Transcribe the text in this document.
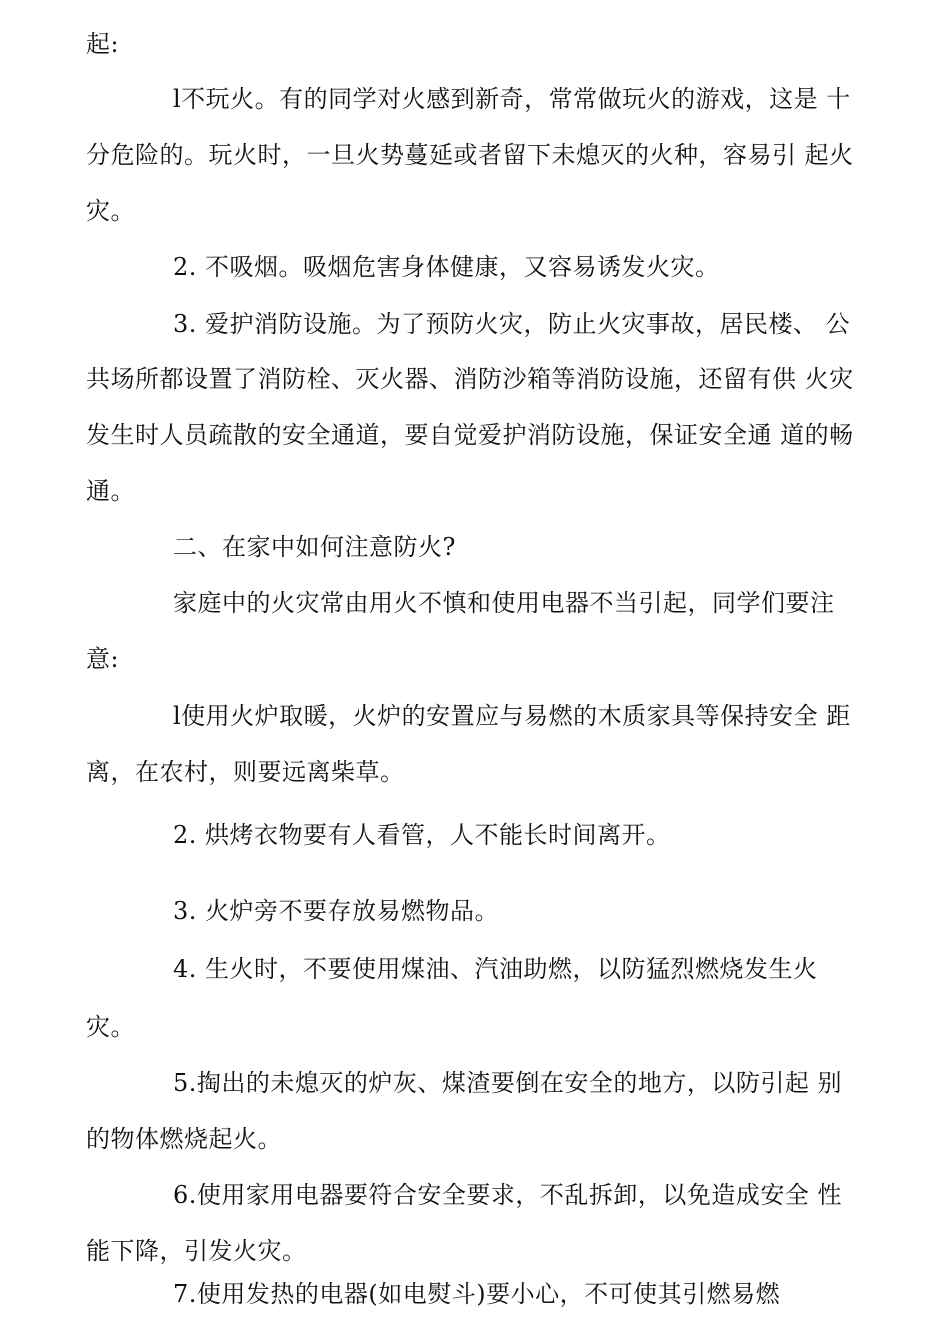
起:
l不玩火。有的同学对火感到新奇，常常做玩火的游戏，这是 十
分危险的。玩火时，一旦火势蔓延或者留下未熄灭的火种，容易引 起火
灾。
2. 不吸烟。吸烟危害身体健康，又容易诱发火灾。
3. 爱护消防设施。为了预防火灾，防止火灾事故，居民楼、 公
共场所都设置了消防栓、灭火器、消防沙箱等消防设施，还留有供 火灾
发生时人员疏散的安全通道，要自觉爱护消防设施，保证安全通 道的畅
通。
二、在家中如何注意防火?
家庭中的火灾常由用火不慎和使用电器不当引起，同学们要注
意:
l使用火炉取暖，火炉的安置应与易燃的木质家具等保持安全 距
离，在农村，则要远离柴草。
2. 烘烤衣物要有人看管，人不能长时间离开。
3. 火炉旁不要存放易燃物品。
4. 生火时，不要使用煤油、汽油助燃，以防猛烈燃烧发生火
灾。
5.掏出的未熄灭的炉灰、煤渣要倒在安全的地方，以防引起 别
的物体燃烧起火。
6.使用家用电器要符合安全要求，不乱拆卸，以免造成安全 性
能下降，引发火灾。
7.使用发热的电器(如电熨斗)要小心，不可使其引燃易燃
